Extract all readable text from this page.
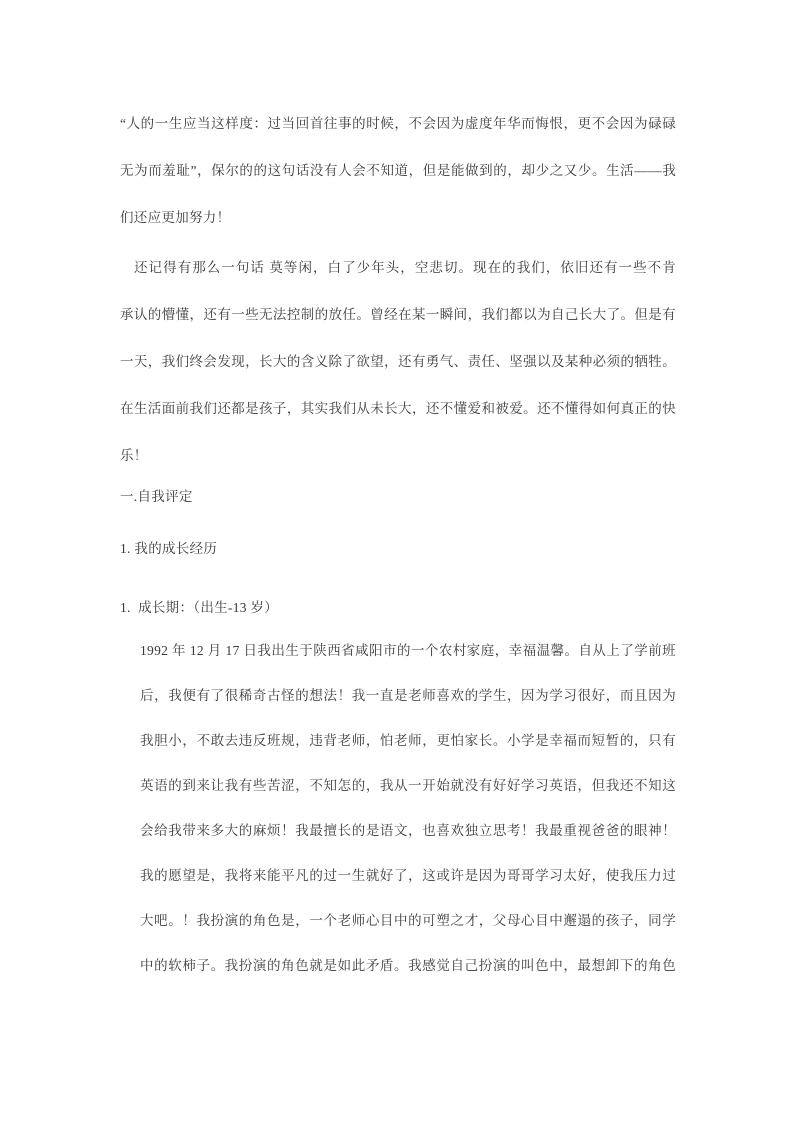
“人的一生应当这样度：过当回首往事的时候，不会因为虚度年华而悔恨，更不会因为碌碌
无为而羞耻”，保尔的的这句话没有人会不知道，但是能做到的，却少之又少。生活——我
们还应更加努力！
还记得有那么一句话 莫等闲，白了少年头，空悲切。现在的我们，依旧还有一些不肯
承认的懵懂，还有一些无法控制的放任。曾经在某一瞬间，我们都以为自己长大了。但是有
一天，我们终会发现，长大的含义除了欲望，还有勇气、责任、坚强以及某种必须的牺牲。
在生活面前我们还都是孩子，其实我们从未长大，还不懂爱和被爱。还不懂得如何真正的快
乐！
一.自我评定
1. 我的成长经历
1.  成长期：（出生-13 岁）
1992 年 12 月 17 日我出生于陕西省咸阳市的一个农村家庭，幸福温馨。自从上了学前班
后，我便有了很稀奇古怪的想法！我一直是老师喜欢的学生，因为学习很好，而且因为
我胆小，不敢去违反班规，违背老师，怕老师，更怕家长。小学是幸福而短暂的，只有
英语的到来让我有些苦涩，不知怎的，我从一开始就没有好好学习英语，但我还不知这
会给我带来多大的麻烦！我最擅长的是语文，也喜欢独立思考！我最重视爸爸的眼神！
我的愿望是，我将来能平凡的过一生就好了，这或许是因为哥哥学习太好，使我压力过
大吧。！我扮演的角色是，一个老师心目中的可塑之才，父母心目中邂遢的孩子，同学
中的软柿子。我扮演的角色就是如此矛盾。我感觉自己扮演的叫色中，最想卸下的角色
